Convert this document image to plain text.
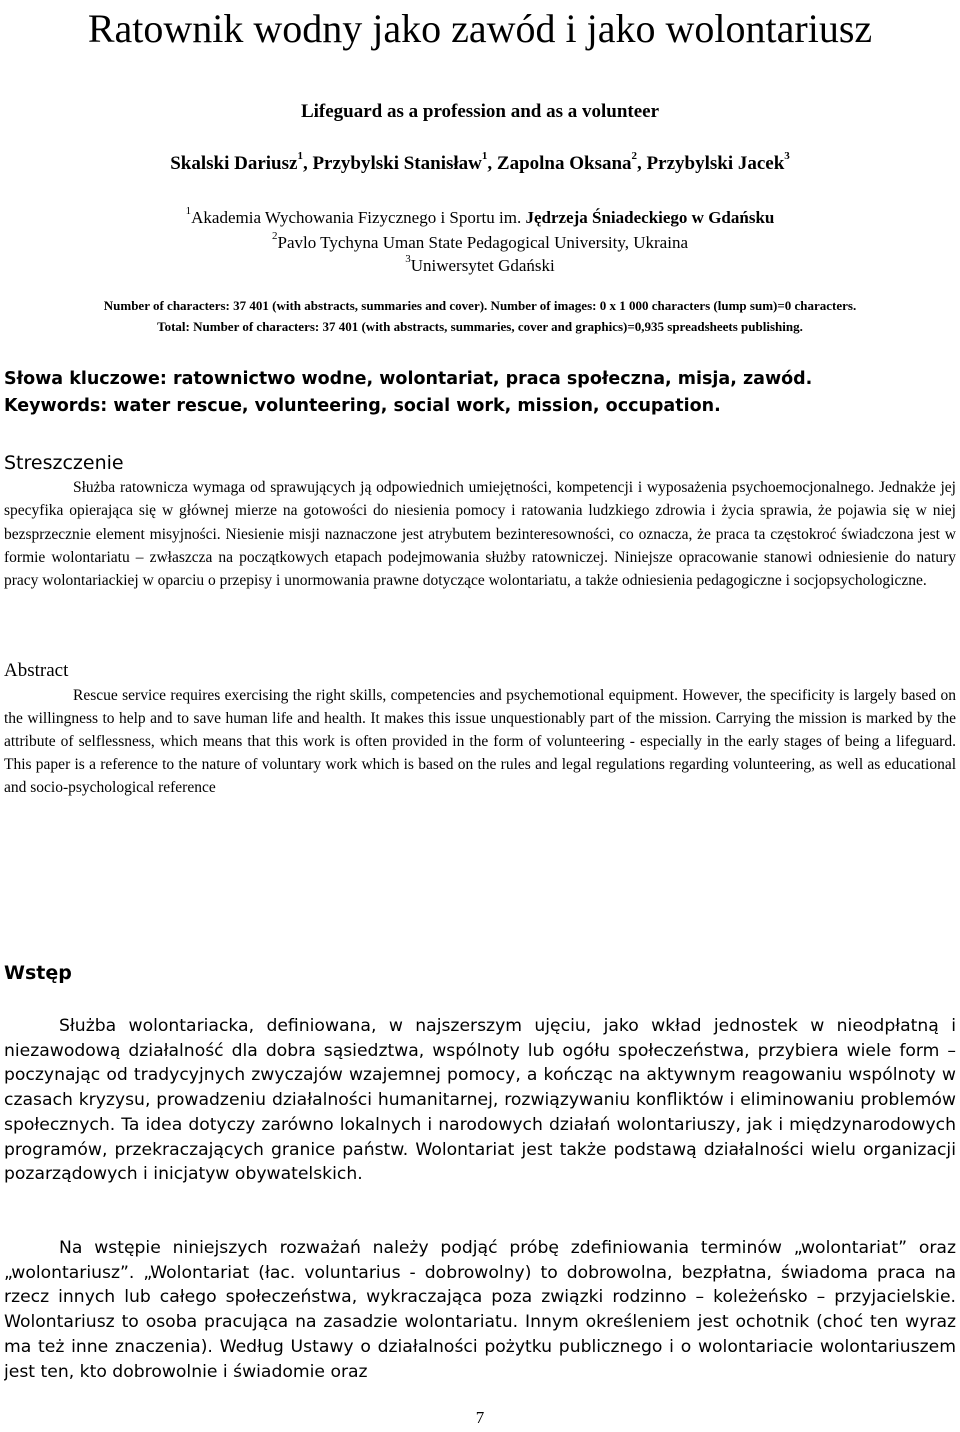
Ratownik wodny jako zawód i jako wolontariusz
Lifeguard as a profession and as a volunteer
Skalski Dariusz$^1$, Przybylski Stanisław$^1$, Zapolna Oksana$^2$, Przybylski Jacek$^3$
$^1$Akademia Wychowania Fizycznego i Sportu im. Jędrzeja Śniadeckiego w Gdańsku
$^2$Pavlo Tychyna Uman State Pedagogical University, Ukraina
$^3$Uniwersytet Gdański
Number of characters: 37 401 (with abstracts, summaries and cover). Number of images: 0 x 1 000 characters (lump sum)=0 characters.
Total: Number of characters: 37 401 (with abstracts, summaries, cover and graphics)=0,935 spreadsheets publishing.
Słowa kluczowe: ratownictwo wodne, wolontariat, praca społeczna, misja, zawód.
Keywords: water rescue, volunteering, social work, mission, occupation.
Streszczenie

Służba ratownicza wymaga od sprawujących ją odpowiednich umiejętności, kompetencji i wyposażenia psychoemocjonalnego. Jednakże jej specyfika opierająca się w głównej mierze na gotowości do niesienia pomocy i ratowania ludzkiego zdrowia i życia sprawia, że pojawia się w niej bezsprzecznie element misyjności. Niesienie misji naznaczone jest atrybutem bezinteresowności, co oznacza, że praca ta częstokroć świadczona jest w formie wolontariatu – zwłaszcza na początkowych etapach podejmowania służby ratowniczej. Niniejsze opracowanie stanowi odniesienie do natury pracy wolontariackiej w oparciu o przepisy i unormowania prawne dotyczące wolontariatu, a także odniesienia pedagogiczne i socjopsychologiczne.

Abstract

Rescue service requires exercising the right skills, competencies and psychemotional equipment. However, the specificity is largely based on the willingness to help and to save human life and health. It makes this issue unquestionably part of the mission. Carrying the mission is marked by the attribute of selflessness, which means that this work is often provided in the form of volunteering - especially in the early stages of being a lifeguard. This paper is a reference to the nature of voluntary work which is based on the rules and legal regulations regarding volunteering, as well as educational and socio-psychological reference

Wstęp

Służba wolontariacka, definiowana, w najszerszym ujęciu, jako wkład jednostek w nieodpłatną i niezawodową działalność dla dobra sąsiedztwa, wspólnoty lub ogółu społeczeństwa, przybiera wiele form – poczynając od tradycyjnych zwyczajów wzajemnej pomocy, a kończąc na aktywnym reagowaniu wspólnoty w czasach kryzysu, prowadzeniu działalności humanitarnej, rozwiązywaniu konfliktów i eliminowaniu problemów społecznych. Ta idea dotyczy zarówno lokalnych i narodowych działań wolontariuszy, jak i międzynarodowych programów, przekraczających granice państw. Wolontariat jest także podstawą działalności wielu organizacji pozarządowych i inicjatyw obywatelskich.

Na wstępie niniejszych rozważań należy podjąć próbę zdefiniowania terminów „wolontariat” oraz „wolontariusz”. „Wolontariat (łac. voluntarius - dobrowolny) to dobrowolna, bezpłatna, świadoma praca na rzecz innych lub całego społeczeństwa, wykraczająca poza związki rodzinno – koleżeńsko – przyjacielskie. Wolontariusz to osoba pracująca na zasadzie wolontariatu. Innym określeniem jest ochotnik (choć ten wyraz ma też inne znaczenia). Według Ustawy o działalności pożytku publicznego i o wolontariacie wolontariuszem jest ten, kto dobrowolnie i świadomie oraz

7
